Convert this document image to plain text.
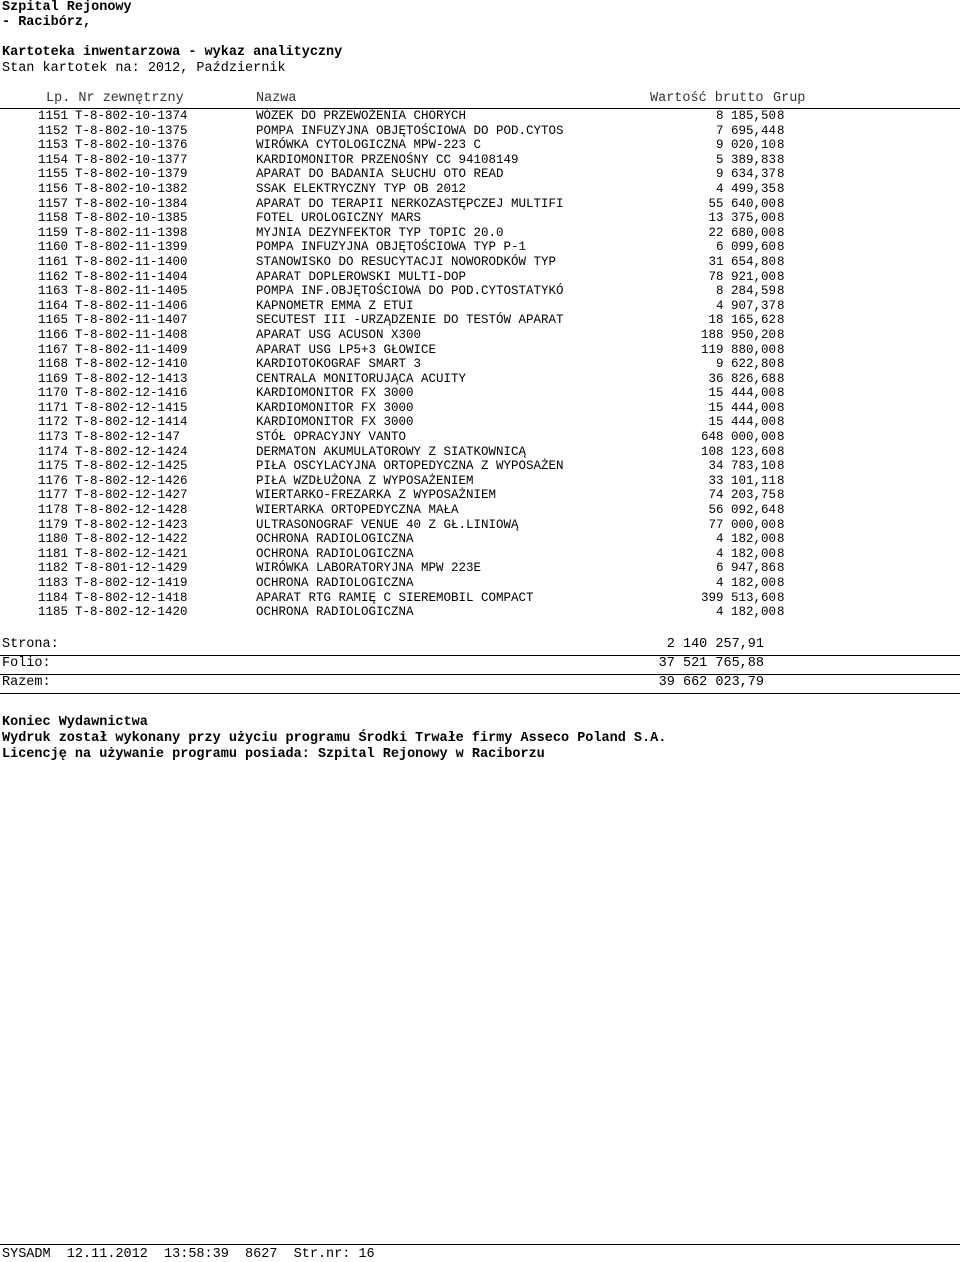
Szpital Rejonowy
- Racibórz,
Kartoteka inwentarzowa - wykaz analityczny
Stan kartotek na: 2012, Październik
Lp. Nr zewnętrzny	Nazwa	Wartość brutto Grup
1151 T-8-802-10-1374	WÓZEK DO PRZEWOŻENIA CHORYCH	8 185,50 8
1152 T-8-802-10-1375	POMPA INFUZYJNA OBJĘTOŚCIOWA DO POD.CYTOS	7 695,44 8
1153 T-8-802-10-1376	WIRÓWKA CYTOLOGICZNA MPW-223 C	9 020,10 8
1154 T-8-802-10-1377	KARDIOMONITOR PRZENOŚNY CC 94108149	5 389,83 8
1155 T-8-802-10-1379	APARAT DO BADANIA SŁUCHU OTO READ	9 634,37 8
1156 T-8-802-10-1382	SSAK ELEKTRYCZNY TYP OB 2012	4 499,35 8
1157 T-8-802-10-1384	APARAT DO TERAPII NERKOZASTĘPCZEJ MULTIFI	55 640,00 8
1158 T-8-802-10-1385	FOTEL UROLOGICZNY MARS	13 375,00 8
1159 T-8-802-11-1398	MYJNIA DEZYNFEKTOR TYP TOPIC 20.0	22 680,00 8
1160 T-8-802-11-1399	POMPA INFUZYJNA OBJĘTOŚCIOWA TYP P-1	6 099,60 8
1161 T-8-802-11-1400	STANOWISKO DO RESUCYTACJI NOWORODKÓW TYP	31 654,80 8
1162 T-8-802-11-1404	APARAT DOPLEROWSKI MULTI-DOP	78 921,00 8
1163 T-8-802-11-1405	POMPA INF.OBJĘTOŚCIOWA DO POD.CYTOSTATYKÓ	8 284,59 8
1164 T-8-802-11-1406	KAPNOMETR EMMA Z ETUI	4 907,37 8
1165 T-8-802-11-1407	SECUTEST III -URZĄDZENIE DO TESTÓW APARAT	18 165,62 8
1166 T-8-802-11-1408	APARAT USG ACUSON X300	188 950,20 8
1167 T-8-802-11-1409	APARAT USG LP5+3 GŁOWICE	119 880,00 8
1168 T-8-802-12-1410	KARDIOTOKOGRAF SMART 3	9 622,80 8
1169 T-8-802-12-1413	CENTRALA MONITORUJĄCA ACUITY	36 826,68 8
1170 T-8-802-12-1416	KARDIOMONITOR FX 3000	15 444,00 8
1171 T-8-802-12-1415	KARDIOMONITOR FX 3000	15 444,00 8
1172 T-8-802-12-1414	KARDIOMONITOR FX 3000	15 444,00 8
1173 T-8-802-12-147	STÓŁ OPRACYJNY VANTO	648 000,00 8
1174 T-8-802-12-1424	DERMATON AKUMULATOROWY Z SIATKOWNICĄ	108 123,60 8
1175 T-8-802-12-1425	PIŁA OSCYLACYJNA ORTOPEDYCZNA Z WYPOSAŻEN	34 783,10 8
1176 T-8-802-12-1426	PIŁA WZDŁUŻONA Z WYPOSAŻENIEM	33 101,11 8
1177 T-8-802-12-1427	WIERTARKO-FREZARKA Z WYPOSAŻNIEM	74 203,75 8
1178 T-8-802-12-1428	WIERTARKA ORTOPEDYCZNA MAŁA	56 092,64 8
1179 T-8-802-12-1423	ULTRASONOGRAF VENUE 40 Z GŁ.LINIOWĄ	77 000,00 8
1180 T-8-802-12-1422	OCHRONA RADIOLOGICZNA	4 182,00 8
1181 T-8-802-12-1421	OCHRONA RADIOLOGICZNA	4 182,00 8
1182 T-8-801-12-1429	WIRÓWKA LABORATORYJNA MPW 223E	6 947,86 8
1183 T-8-802-12-1419	OCHRONA RADIOLOGICZNA	4 182,00 8
1184 T-8-802-12-1418	APARAT RTG RAMIĘ C SIEREMOBIL COMPACT	399 513,60 8
1185 T-8-802-12-1420	OCHRONA RADIOLOGICZNA	4 182,00 8
Strona:	2 140 257,91
Folio:	37 521 765,88
Razem:	39 662 023,79
Koniec Wydawnictwa
Wydruk został wykonany przy użyciu programu Środki Trwałe firmy Asseco Poland S.A.
Licencję na używanie programu posiada: Szpital Rejonowy w Raciborzu
SYSADM  12.11.2012  13:58:39  8627  Str.nr: 16
